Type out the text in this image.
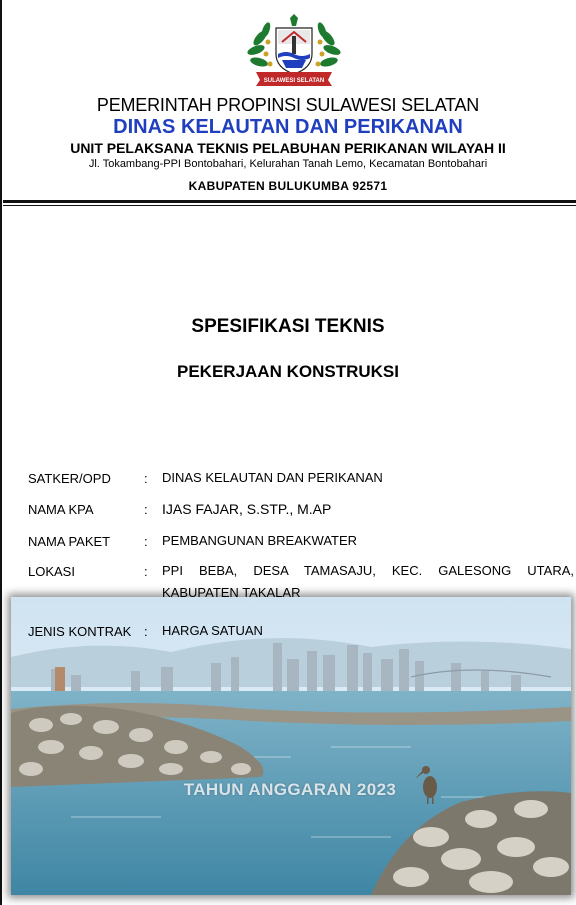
SULAWESI SELATAN
PEMERINTAH PROPINSI SULAWESI SELATAN
DINAS KELAUTAN DAN PERIKANAN
UNIT PELAKSANA TEKNIS PELABUHAN PERIKANAN WILAYAH II
Jl. Tokambang-PPI Bontobahari, Kelurahan Tanah Lemo, Kecamatan Bontobahari
KABUPATEN BULUKUMBA 92571
SPESIFIKASI TEKNIS
PEKERJAAN KONSTRUKSI
SATKER/OPD	: DINAS KELAUTAN DAN PERIKANAN
NAMA KPA	: IJAS FAJAR, S.STP., M.AP
NAMA PAKET	: PEMBANGUNAN BREAKWATER
LOKASI	: PPI BEBA, DESA TAMASAJU, KEC. GALESONG UTARA, KABUPATEN TAKALAR
JENIS KONTRAK : HARGA SATUAN
TAHUN ANGGARAN 2023
